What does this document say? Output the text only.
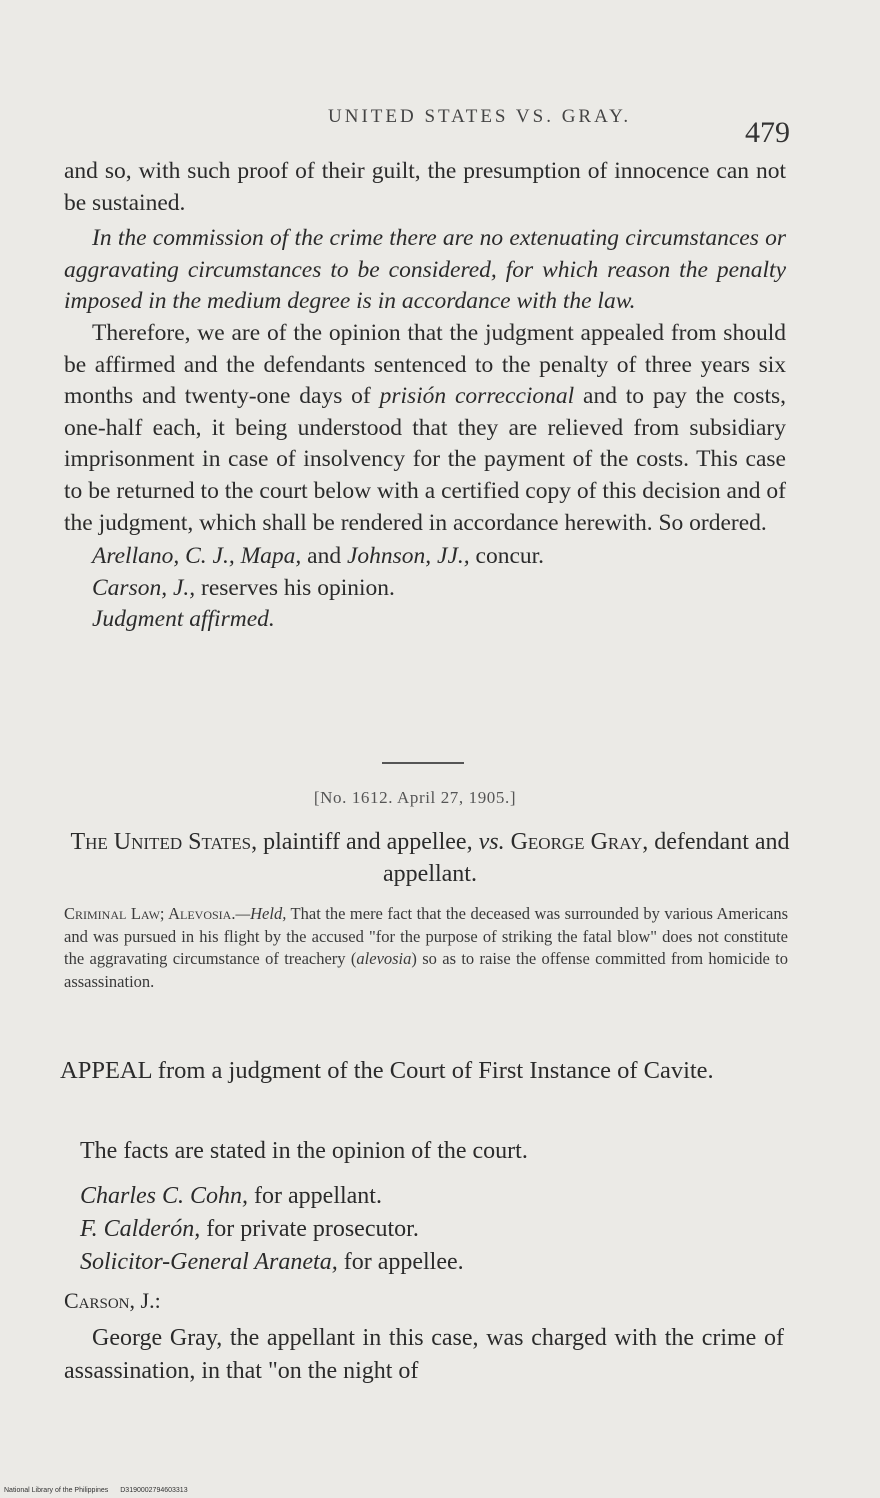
UNITED STATES VS. GRAY.	479

and so, with such proof of their guilt, the presumption of innocence can not be sustained.

In the commission of the crime there are no extenuating circumstances or aggravating circumstances to be considered, for which reason the penalty imposed in the medium degree is in accordance with the law.

Therefore, we are of the opinion that the judgment appealed from should be affirmed and the defendants sentenced to the penalty of three years six months and twenty-one days of prisión correccional and to pay the costs, one-half each, it being understood that they are relieved from subsidiary imprisonment in case of insolvency for the payment of the costs. This case to be returned to the court below with a certified copy of this decision and of the judgment, which shall be rendered in accordance herewith. So ordered.

Arellano, C. J., Mapa, and Johnson, JJ., concur.

Carson, J., reserves his opinion.

Judgment affirmed.

[No. 1612. April 27, 1905.]
The United States, plaintiff and appellee, vs. George Gray, defendant and appellant.
Criminal Law; Alevosia.—Held, That the mere fact that the deceased was surrounded by various Americans and was pursued in his flight by the accused "for the purpose of striking the fatal blow" does not constitute the aggravating circumstance of treachery (alevosia) so as to raise the offense committed from homicide to assassination.
APPEAL from a judgment of the Court of First Instance of Cavite.
The facts are stated in the opinion of the court.
Charles C. Cohn, for appellant.
F. Calderón, for private prosecutor.
Solicitor-General Araneta, for appellee.
Carson, J.:
George Gray, the appellant in this case, was charged with the crime of assassination, in that "on the night of
National Library of the Philippines D3190002794603313
